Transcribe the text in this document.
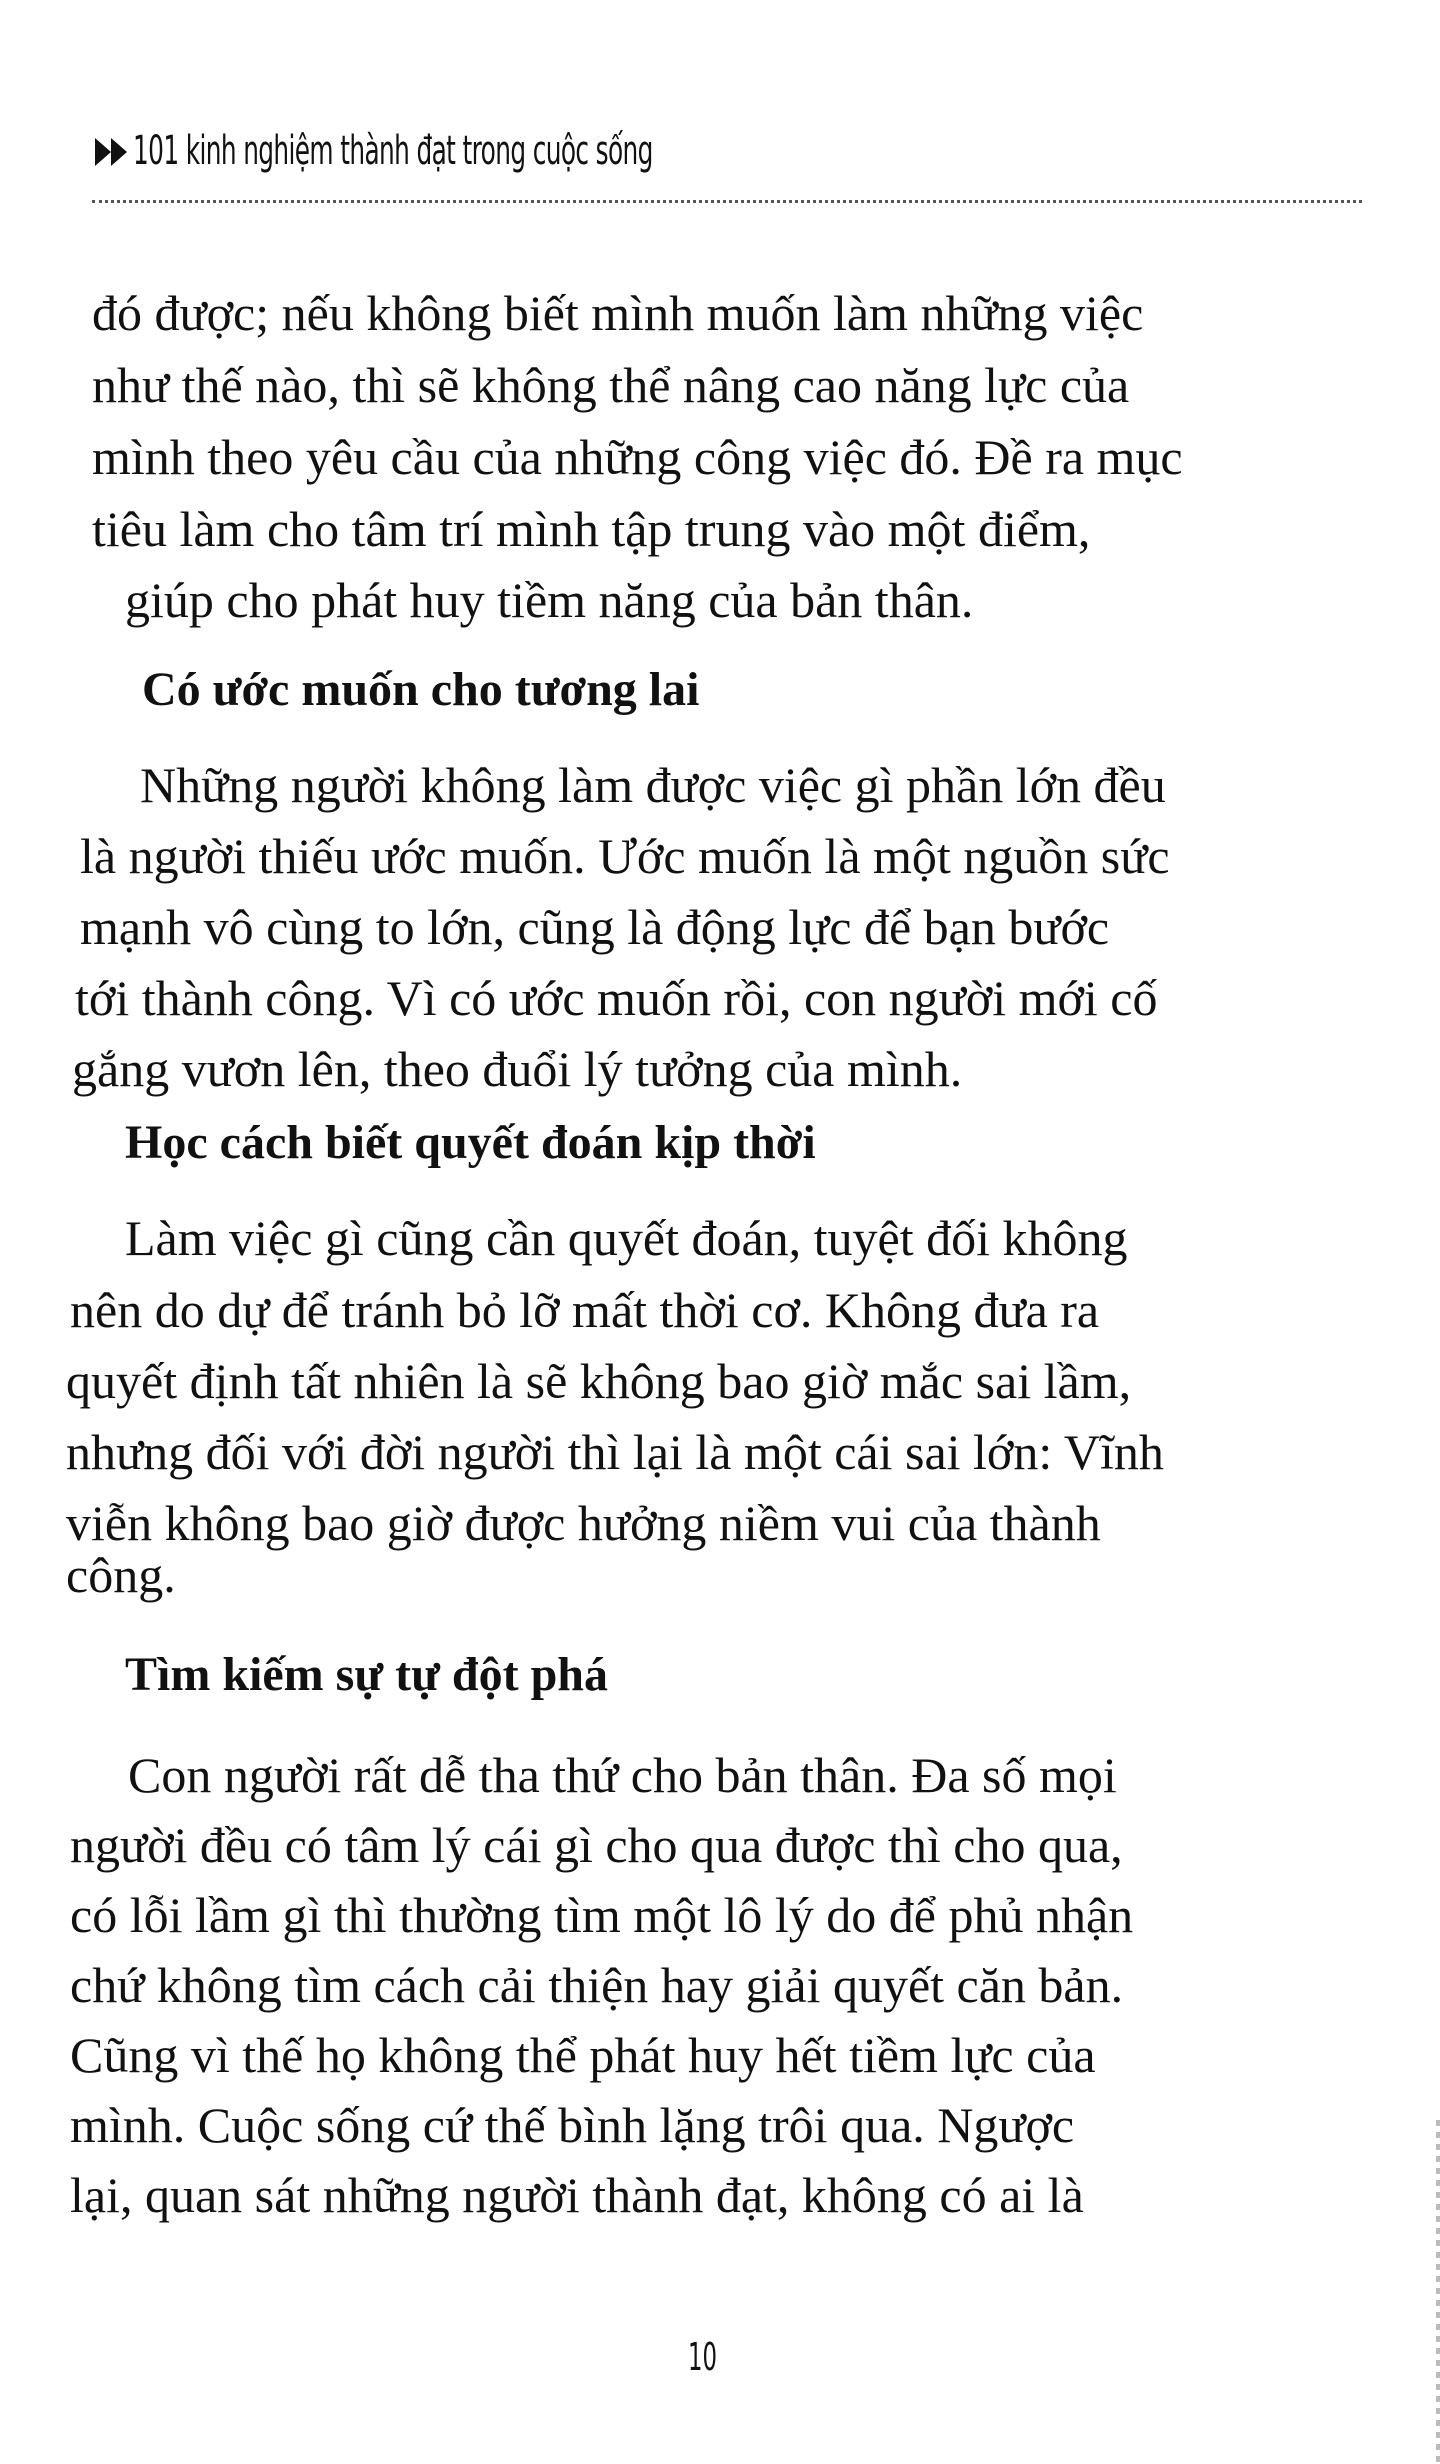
101 kinh nghiệm thành đạt trong cuộc sống
đó được; nếu không biết mình muốn làm những việc
như thế nào, thì sẽ không thể nâng cao năng lực của
mình theo yêu cầu của những công việc đó. Đề ra mục
tiêu làm cho tâm trí mình tập trung vào một điểm,
giúp cho phát huy tiềm năng của bản thân.
Có ước muốn cho tương lai
Những người không làm được việc gì phần lớn đều
là người thiếu ước muốn. Ước muốn là một nguồn sức
mạnh vô cùng to lớn, cũng là động lực để bạn bước
tới thành công. Vì có ước muốn rồi, con người mới cố
gắng vươn lên, theo đuổi lý tưởng của mình.
Học cách biết quyết đoán kịp thời
Làm việc gì cũng cần quyết đoán, tuyệt đối không
nên do dự để tránh bỏ lỡ mất thời cơ. Không đưa ra
quyết định tất nhiên là sẽ không bao giờ mắc sai lầm,
nhưng đối với đời người thì lại là một cái sai lớn: Vĩnh
viễn không bao giờ được hưởng niềm vui của thành
công.
Tìm kiếm sự tự đột phá
Con người rất dễ tha thứ cho bản thân. Đa số mọi
người đều có tâm lý cái gì cho qua được thì cho qua,
có lỗi lầm gì thì thường tìm một lô lý do để phủ nhận
chứ không tìm cách cải thiện hay giải quyết căn bản.
Cũng vì thế họ không thể phát huy hết tiềm lực của
mình. Cuộc sống cứ thế bình lặng trôi qua. Ngược
lại, quan sát những người thành đạt, không có ai là
10
